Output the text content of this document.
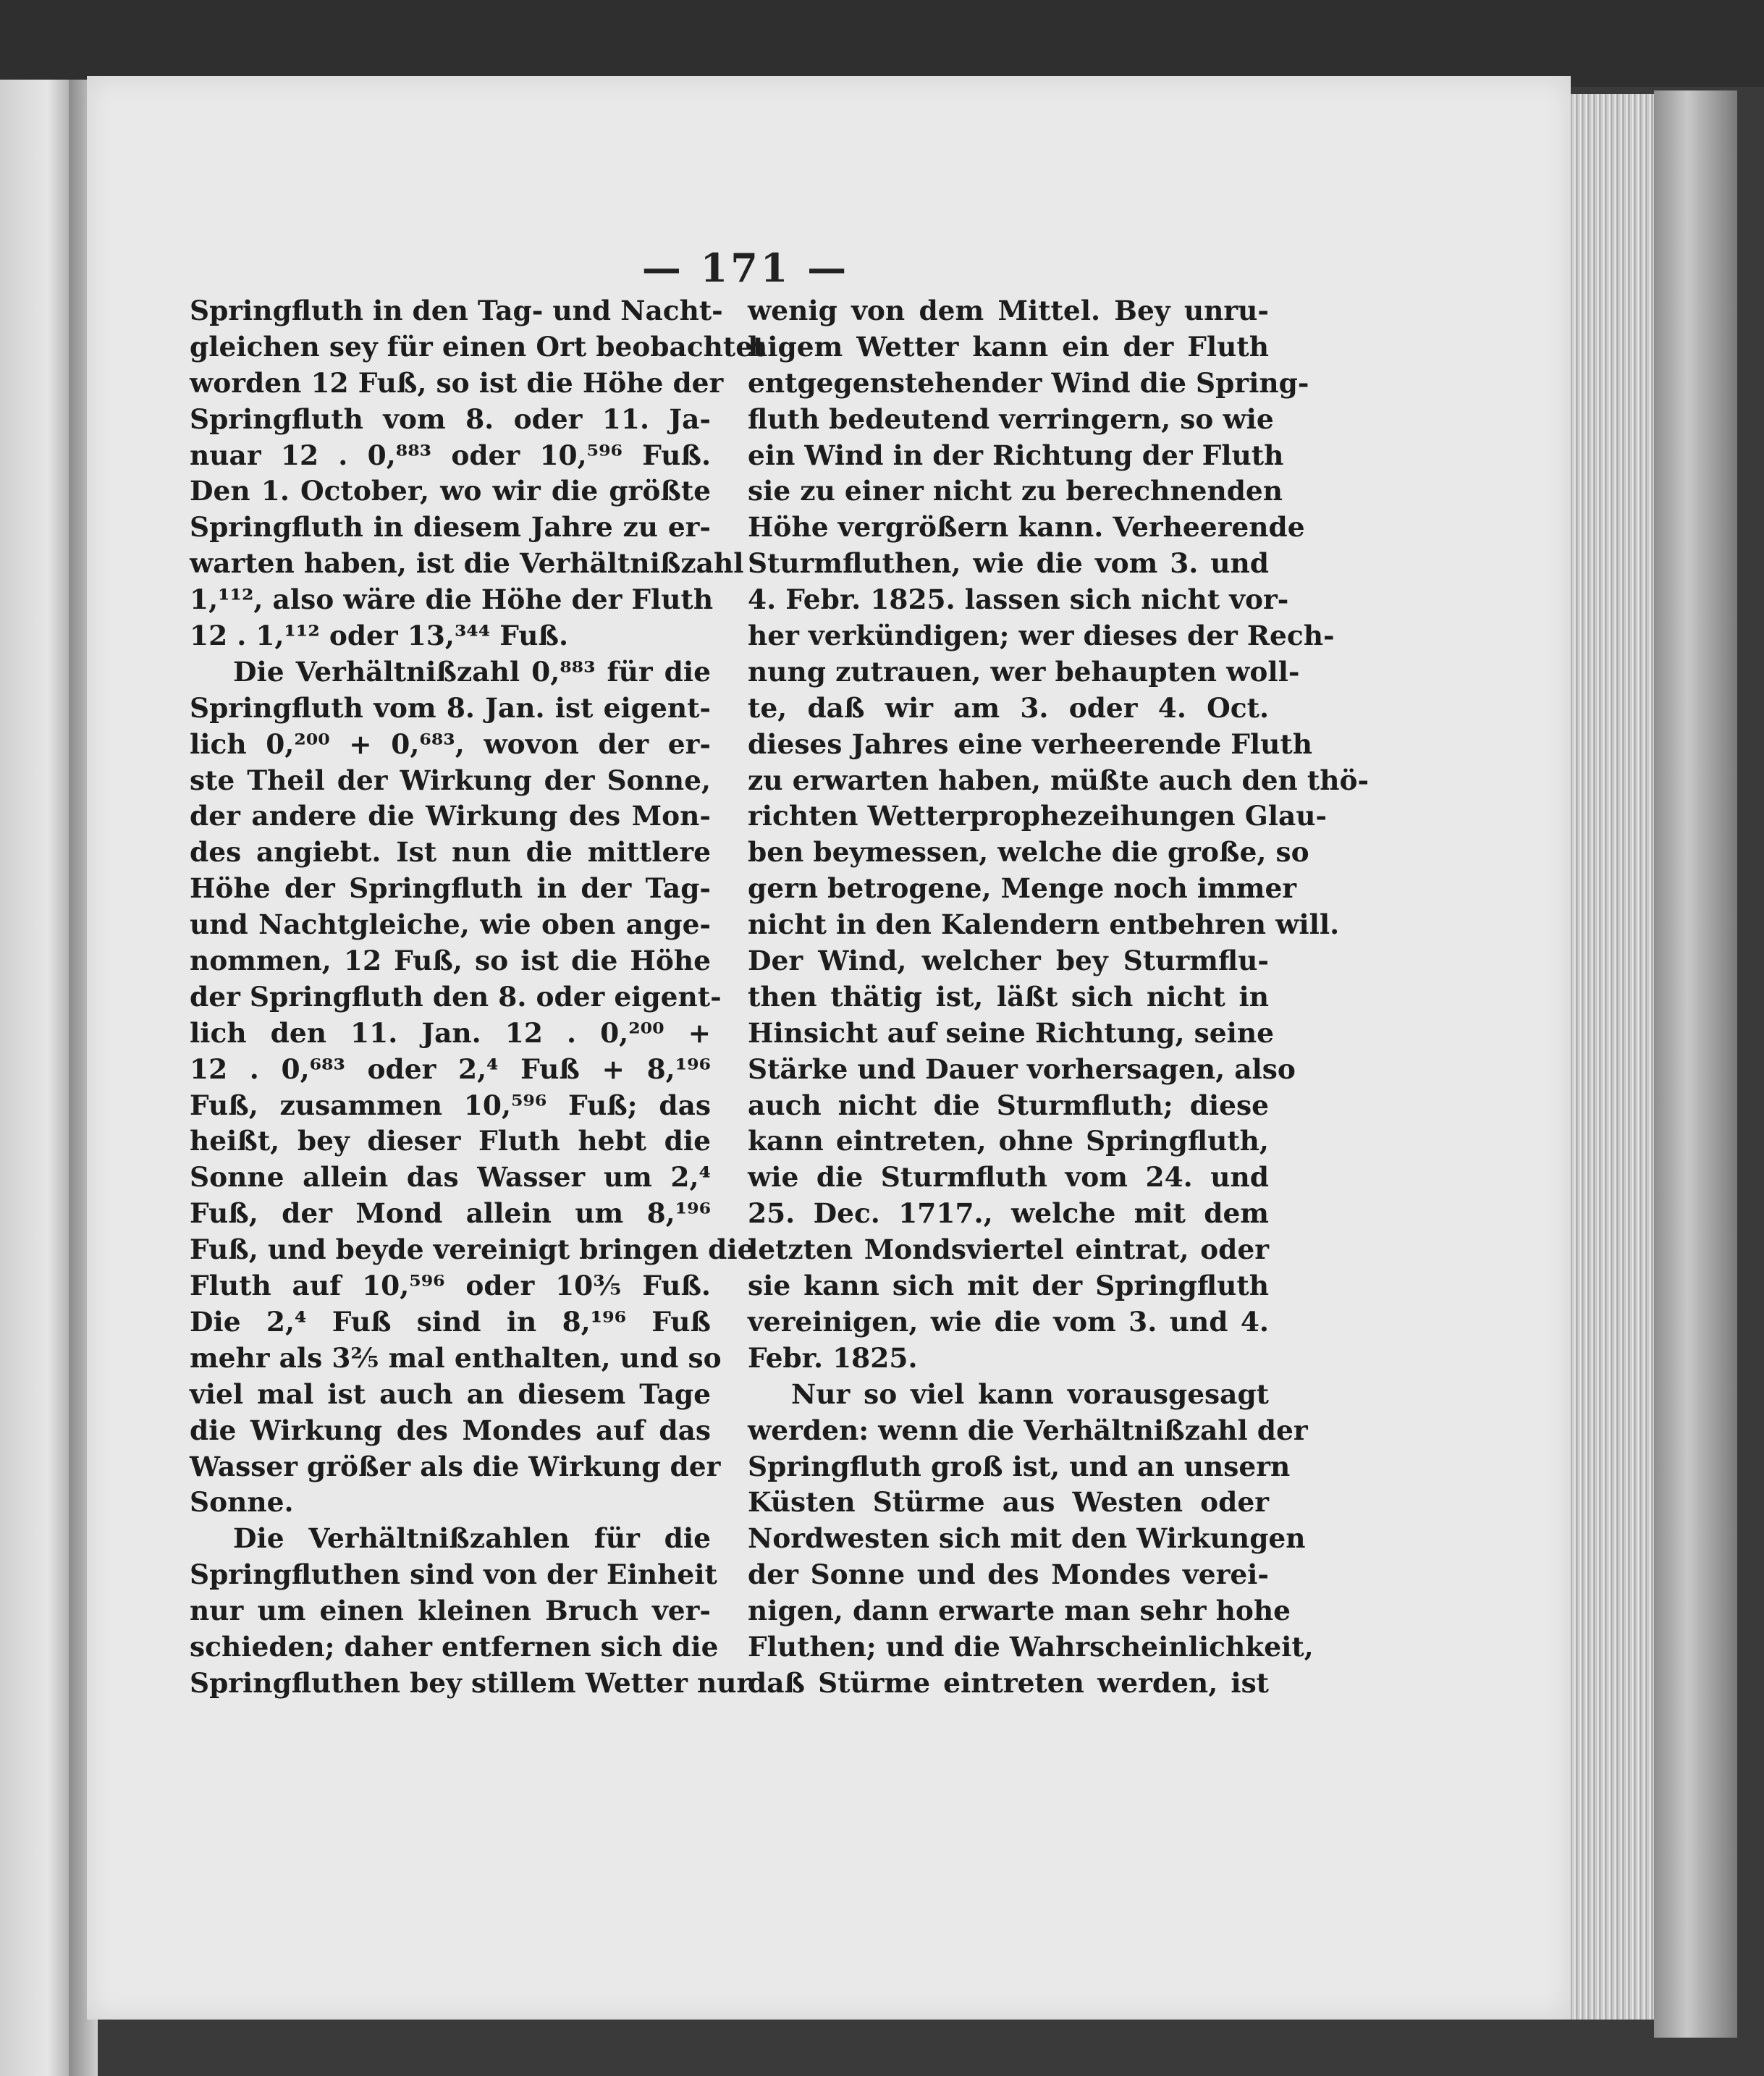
— 171 —
Springfluth in den Tag- und Nacht-
gleichen sey für einen Ort beobachtet
worden 12 Fuß, so ist die Höhe der
Springfluth vom 8. oder 11. Ja-
nuar 12 . 0,⁸⁸³ oder 10,⁵⁹⁶ Fuß.
Den 1. October, wo wir die größte
Springfluth in diesem Jahre zu er-
warten haben, ist die Verhältnißzahl
1,¹¹², also wäre die Höhe der Fluth
12 . 1,¹¹² oder 13,³⁴⁴ Fuß.
Die Verhältnißzahl 0,⁸⁸³ für die
Springfluth vom 8. Jan. ist eigent-
lich 0,²⁰⁰ + 0,⁶⁸³, wovon der er-
ste Theil der Wirkung der Sonne,
der andere die Wirkung des Mon-
des angiebt. Ist nun die mittlere
Höhe der Springfluth in der Tag-
und Nachtgleiche, wie oben ange-
nommen, 12 Fuß, so ist die Höhe
der Springfluth den 8. oder eigent-
lich den 11. Jan. 12 . 0,²⁰⁰ +
12 . 0,⁶⁸³ oder 2,⁴ Fuß + 8,¹⁹⁶
Fuß, zusammen 10,⁵⁹⁶ Fuß; das
heißt, bey dieser Fluth hebt die
Sonne allein das Wasser um 2,⁴
Fuß, der Mond allein um 8,¹⁹⁶
Fuß, und beyde vereinigt bringen die
Fluth auf 10,⁵⁹⁶ oder 10³⁄₅ Fuß.
Die 2,⁴ Fuß sind in 8,¹⁹⁶ Fuß
mehr als 3²⁄₅ mal enthalten, und so
viel mal ist auch an diesem Tage
die Wirkung des Mondes auf das
Wasser größer als die Wirkung der
Sonne.
Die Verhältnißzahlen für die
Springfluthen sind von der Einheit
nur um einen kleinen Bruch ver-
schieden; daher entfernen sich die
Springfluthen bey stillem Wetter nur
wenig von dem Mittel. Bey unru-
higem Wetter kann ein der Fluth
entgegenstehender Wind die Spring-
fluth bedeutend verringern, so wie
ein Wind in der Richtung der Fluth
sie zu einer nicht zu berechnenden
Höhe vergrößern kann. Verheerende
Sturmfluthen, wie die vom 3. und
4. Febr. 1825. lassen sich nicht vor-
her verkündigen; wer dieses der Rech-
nung zutrauen, wer behaupten woll-
te, daß wir am 3. oder 4. Oct.
dieses Jahres eine verheerende Fluth
zu erwarten haben, müßte auch den thö-
richten Wetterprophezeihungen Glau-
ben beymessen, welche die große, so
gern betrogene, Menge noch immer
nicht in den Kalendern entbehren will.
Der Wind, welcher bey Sturmflu-
then thätig ist, läßt sich nicht in
Hinsicht auf seine Richtung, seine
Stärke und Dauer vorhersagen, also
auch nicht die Sturmfluth; diese
kann eintreten, ohne Springfluth,
wie die Sturmfluth vom 24. und
25. Dec. 1717., welche mit dem
letzten Mondsviertel eintrat, oder
sie kann sich mit der Springfluth
vereinigen, wie die vom 3. und 4.
Febr. 1825.
Nur so viel kann vorausgesagt
werden: wenn die Verhältnißzahl der
Springfluth groß ist, und an unsern
Küsten Stürme aus Westen oder
Nordwesten sich mit den Wirkungen
der Sonne und des Mondes verei-
nigen, dann erwarte man sehr hohe
Fluthen; und die Wahrscheinlichkeit,
daß Stürme eintreten werden, ist
